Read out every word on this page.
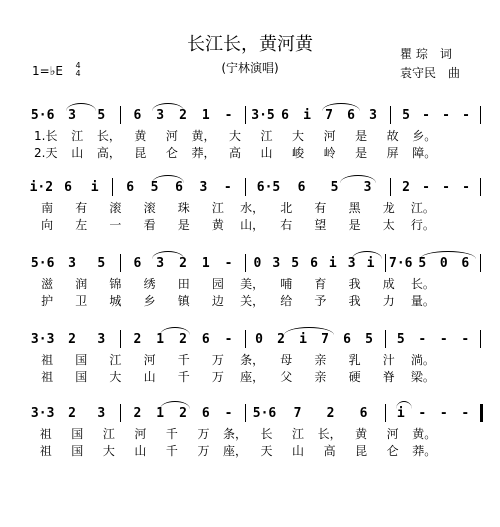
长江长，黄河黄
(宁林演唱)
瞿 琮 词
袁守民 曲
1=♭E 4
4
5·6 3 5 6 3 2 1 - 3·5 6 i 7 6 3 5 - - -
1.长 江 长， 黄 河 黄， 大 江 大 河 是 故 乡。
2.天 山 高， 昆 仑 莽， 高 山 峻 岭 是 屏 障。
i·2 6 i 6 5 6 3 - 6·5 6 5 3 2 - - -
南 有 滚 滚 珠 江 水， 北 有 黑 龙 江。
向 左 一 看 是 黄 山， 右 望 是 太 行。
5·6 3 5 6 3 2 1 - 0 3 5 6 i 3 i 7·6 5 0 6
滋 润 锦 绣 田 园 美， 哺 育 我 成 长。
护 卫 城 乡 镇 边 关， 给 予 我 力 量。
3·3 2 3 2 1 2 6 - 0 2 i 7 6 5 5 - - -
祖 国 江 河 千 万 条， 母 亲 乳 汁 淌。
祖 国 大 山 千 万 座， 父 亲 硬 脊 梁。
3·3 2 3 2 1 2 6 - 5·6 7 2 6 i - - -
祖 国 江 河 千 万 条， 长 江 长， 黄 河 黄。
祖 国 大 山 千 万 座， 天 山 高 昆 仑 莽。
